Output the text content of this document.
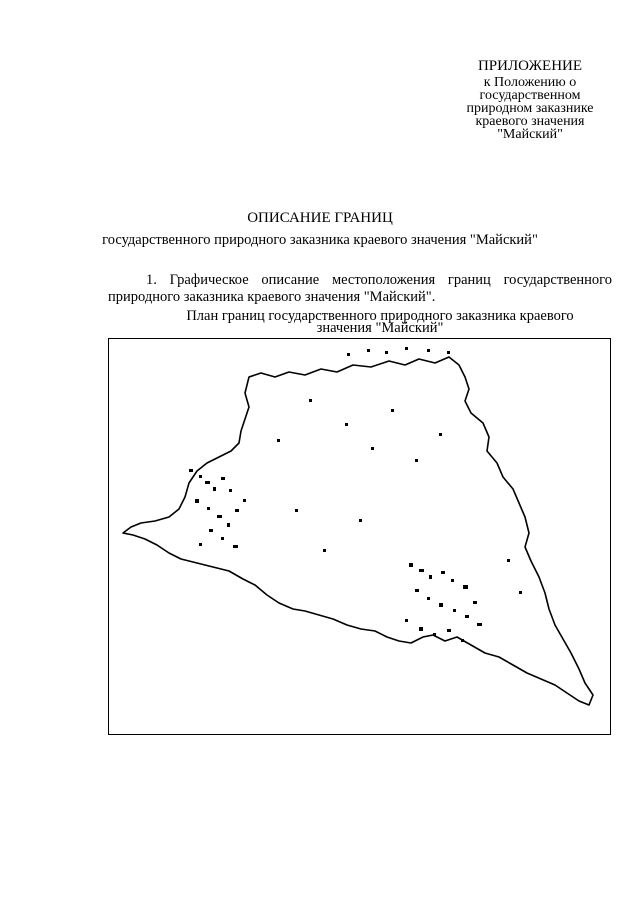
ПРИЛОЖЕНИЕ
к Положению о
государственном
природном заказнике
краевого значения
"Майский"
ОПИСАНИЕ ГРАНИЦ
государственного природного заказника краевого значения "Майский"
1. Графическое описание местоположения границ государственного природного заказника краевого значения "Майский".
План границ государственного природного заказника краевого
значения "Майский"
